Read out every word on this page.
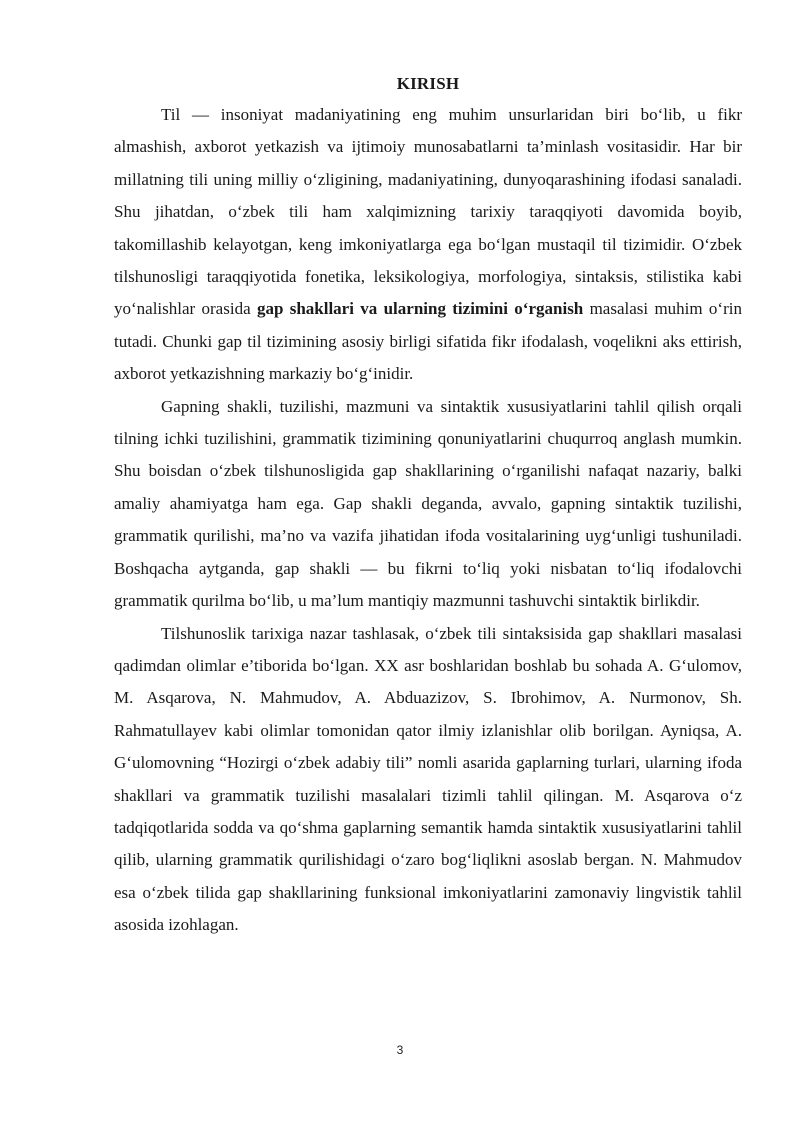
KIRISH

Til — insoniyat madaniyatining eng muhim unsurlaridan biri bo‘lib, u fikr almashish, axborot yetkazish va ijtimoiy munosabatlarni ta’minlash vositasidir. Har bir millatning tili uning milliy o‘zligining, madaniyatining, dunyoqarashining ifodasi sanaladi. Shu jihatdan, o‘zbek tili ham xalqimizning tarixiy taraqqiyoti davomida boyib, takomillashib kelayotgan, keng imkoniyatlarga ega bo‘lgan mustaqil til tizimidir. O‘zbek tilshunosligi taraqqiyotida fonetika, leksikologiya, morfologiya, sintaksis, stilistika kabi yo‘nalishlar orasida gap shakllari va ularning tizimini o‘rganish masalasi muhim o‘rin tutadi. Chunki gap til tizimining asosiy birligi sifatida fikr ifodalash, voqelikni aks ettirish, axborot yetkazishning markaziy bo‘g‘inidir.

Gapning shakli, tuzilishi, mazmuni va sintaktik xususiyatlarini tahlil qilish orqali tilning ichki tuzilishini, grammatik tizimining qonuniyatlarini chuqurroq anglash mumkin. Shu boisdan o‘zbek tilshunosligida gap shakllarining o‘rganilishi nafaqat nazariy, balki amaliy ahamiyatga ham ega. Gap shakli deganda, avvalo, gapning sintaktik tuzilishi, grammatik qurilishi, ma’no va vazifa jihatidan ifoda vositalarining uyg‘unligi tushuniladi. Boshqacha aytganda, gap shakli — bu fikrni to‘liq yoki nisbatan to‘liq ifodalovchi grammatik qurilma bo‘lib, u ma’lum mantiqiy mazmunni tashuvchi sintaktik birlikdir.

Tilshunoslik tarixiga nazar tashlasak, o‘zbek tili sintaksisida gap shakllari masalasi qadimdan olimlar e’tiborida bo‘lgan. XX asr boshlaridan boshlab bu sohada A. G‘ulomov, M. Asqarova, N. Mahmudov, A. Abduazizov, S. Ibrohimov, A. Nurmonov, Sh. Rahmatullayev kabi olimlar tomonidan qator ilmiy izlanishlar olib borilgan. Ayniqsa, A. G‘ulomovning “Hozirgi o‘zbek adabiy tili” nomli asarida gaplarning turlari, ularning ifoda shakllari va grammatik tuzilishi masalalari tizimli tahlil qilingan. M. Asqarova o‘z tadqiqotlarida sodda va qo‘shma gaplarning semantik hamda sintaktik xususiyatlarini tahlil qilib, ularning grammatik qurilishidagi o‘zaro bog‘liqlikni asoslab bergan. N. Mahmudov esa o‘zbek tilida gap shakllarining funksional imkoniyatlarini zamonaviy lingvistik tahlil asosida izohlagan.

3
